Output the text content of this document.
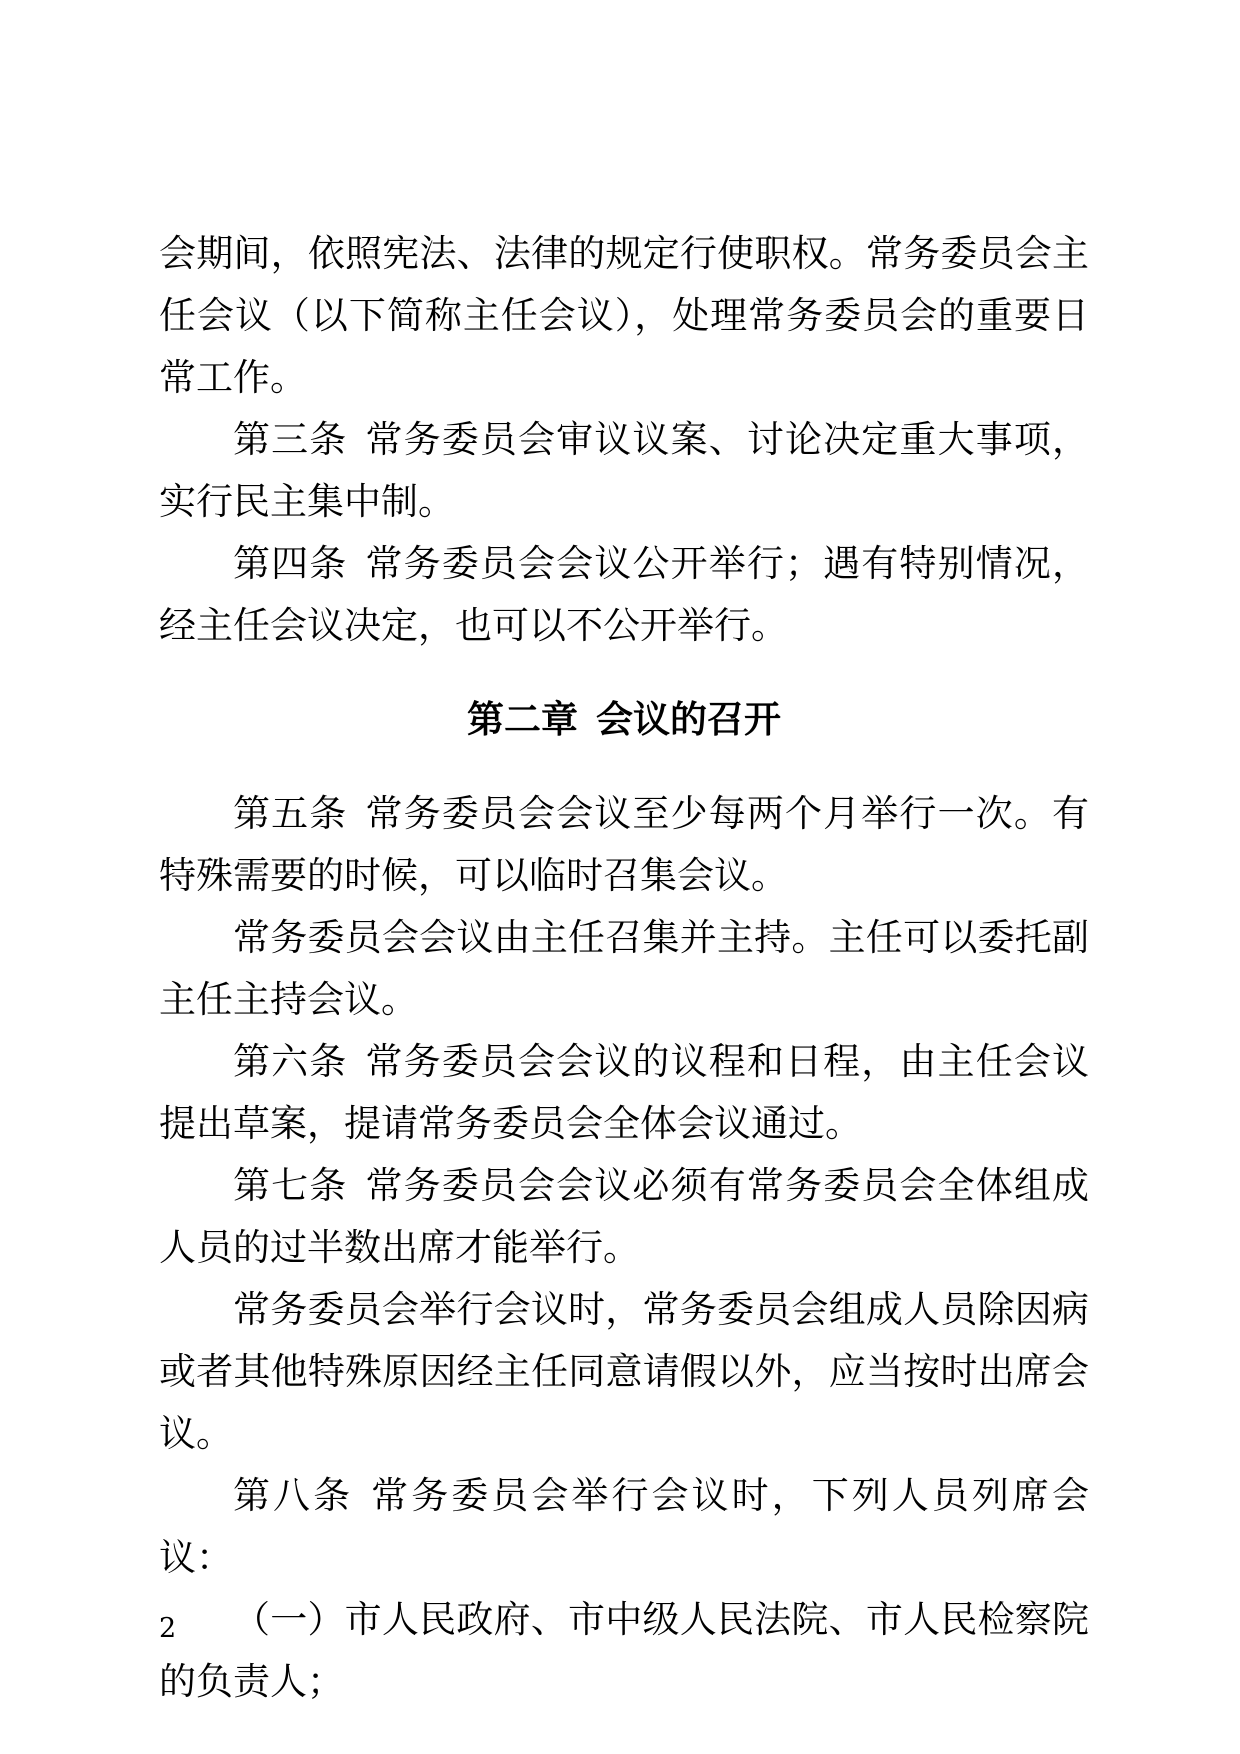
会期间，依照宪法、法律的规定行使职权。常务委员会主任会议（以下简称主任会议），处理常务委员会的重要日常工作。

第三条 常务委员会审议议案、讨论决定重大事项，实行民主集中制。

第四条 常务委员会会议公开举行；遇有特别情况，经主任会议决定，也可以不公开举行。

第二章 会议的召开

第五条 常务委员会会议至少每两个月举行一次。有特殊需要的时候，可以临时召集会议。

常务委员会会议由主任召集并主持。主任可以委托副主任主持会议。

第六条 常务委员会会议的议程和日程，由主任会议提出草案，提请常务委员会全体会议通过。

第七条 常务委员会会议必须有常务委员会全体组成人员的过半数出席才能举行。

常务委员会举行会议时，常务委员会组成人员除因病或者其他特殊原因经主任同意请假以外，应当按时出席会议。

第八条 常务委员会举行会议时，下列人员列席会议：

（一）市人民政府、市中级人民法院、市人民检察院的负责人；

2
